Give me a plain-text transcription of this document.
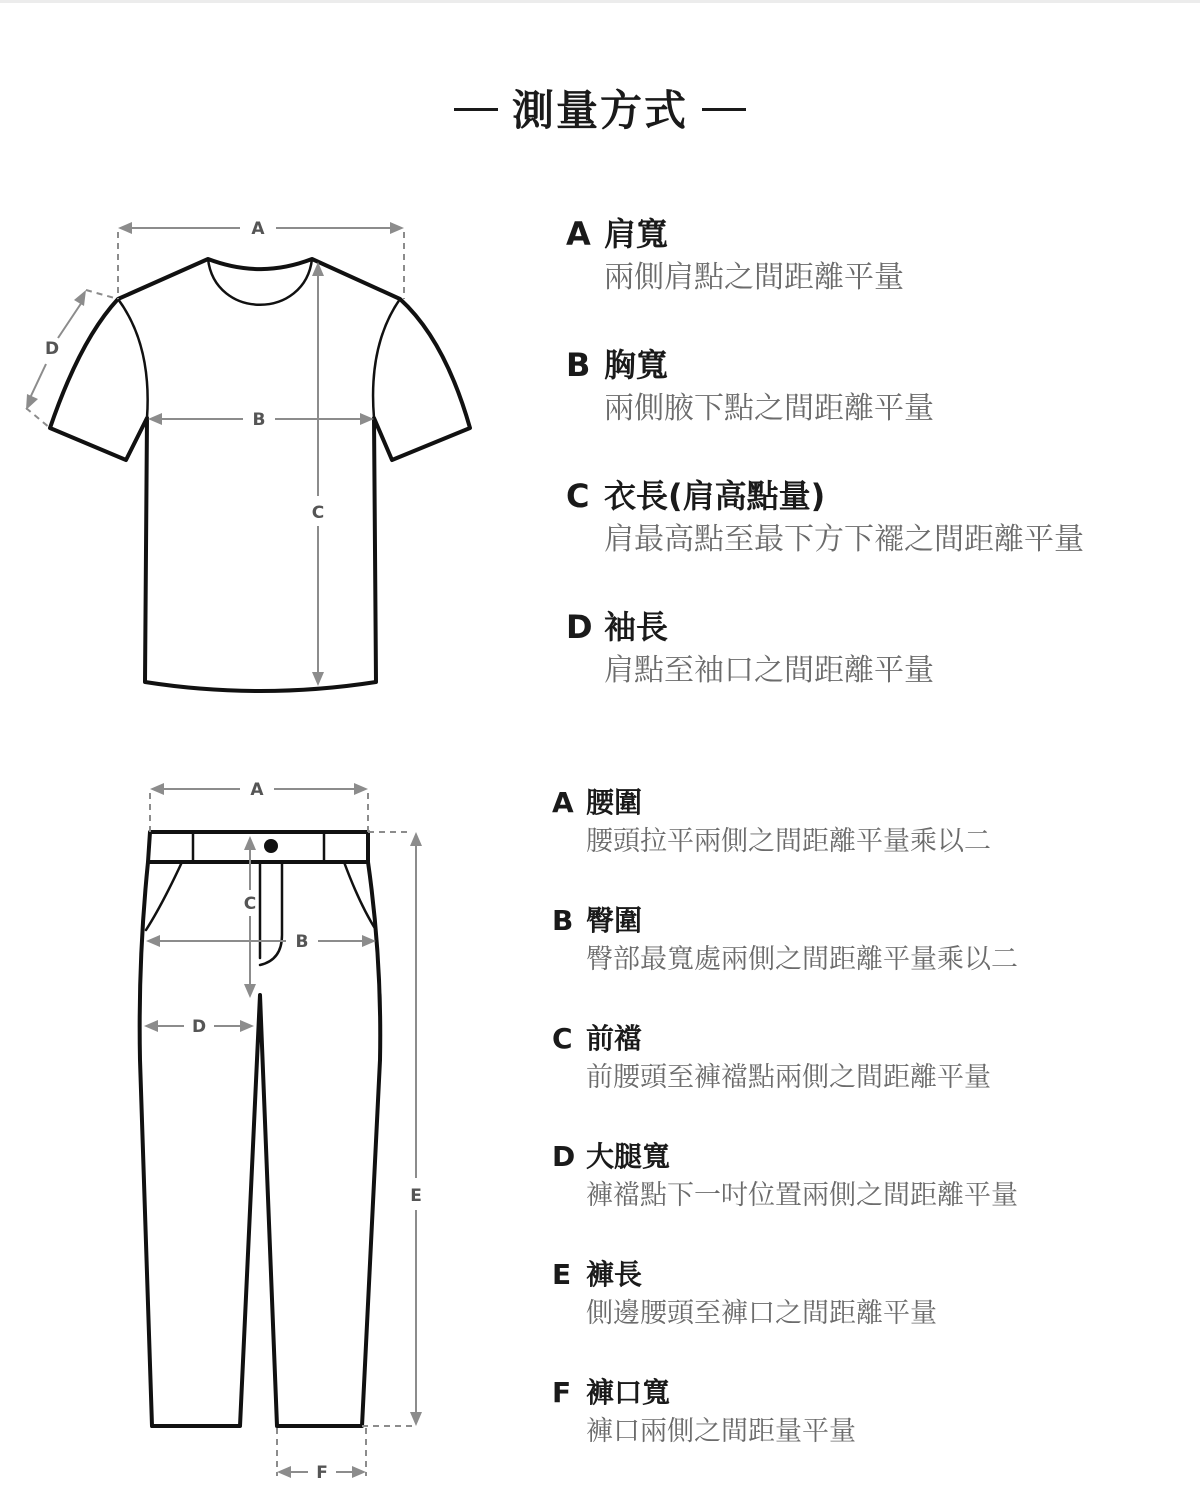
測量方式
A
B
C
D
A 肩寬
兩側肩點之間距離平量
B 胸寬
兩側腋下點之間距離平量
C 衣長(肩高點量)
肩最高點至最下方下襬之間距離平量
D 袖長
肩點至袖口之間距離平量
A
B
C
D
E
F
A 腰圍
腰頭拉平兩側之間距離平量乘以二
B 臀圍
臀部最寬處兩側之間距離平量乘以二
C 前襠
前腰頭至褲襠點兩側之間距離平量
D 大腿寬
褲襠點下一吋位置兩側之間距離平量
E 褲長
側邊腰頭至褲口之間距離平量
F 褲口寬
褲口兩側之間距量平量
